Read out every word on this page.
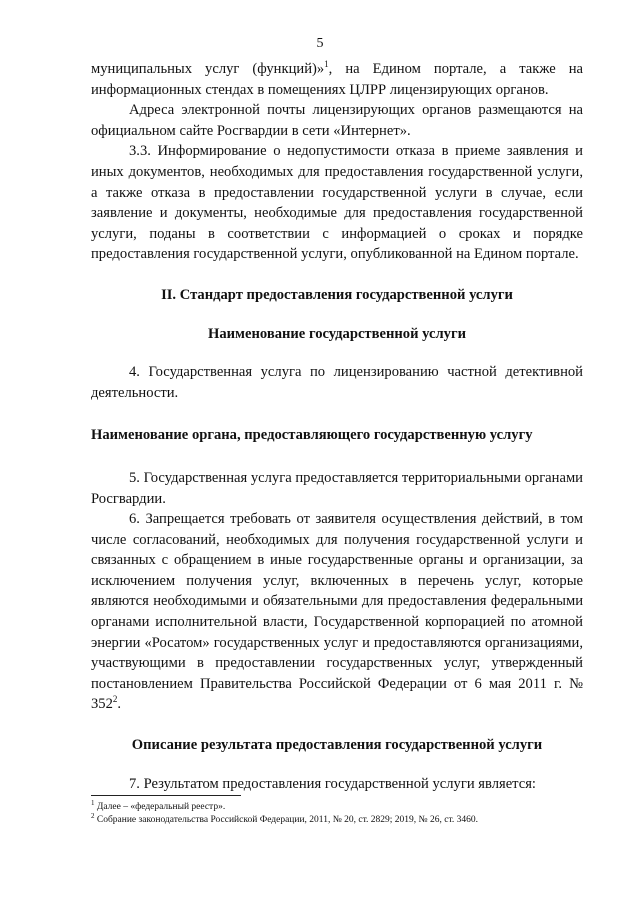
5

муниципальных услуг (функций)»$^1$, на Едином портале, а также на информационных стендах в помещениях ЦЛРР лицензирующих органов.

Адреса электронной почты лицензирующих органов размещаются на официальном сайте Росгвардии в сети «Интернет».

3.3. Информирование о недопустимости отказа в приеме заявления и иных документов, необходимых для предоставления государственной услуги, а также отказа в предоставлении государственной услуги в случае, если заявление и документы, необходимые для предоставления государственной услуги, поданы в соответствии с информацией о сроках и порядке предоставления государственной услуги, опубликованной на Едином портале.

II. Стандарт предоставления государственной услуги
Наименование государственной услуги

4. Государственная услуга по лицензированию частной детективной деятельности.

Наименование органа, предоставляющего государственную услугу

5. Государственная услуга предоставляется территориальными органами Росгвардии.

6. Запрещается требовать от заявителя осуществления действий, в том числе согласований, необходимых для получения государственной услуги и связанных с обращением в иные государственные органы и организации, за исключением получения услуг, включенных в перечень услуг, которые являются необходимыми и обязательными для предоставления федеральными органами исполнительной власти, Государственной корпорацией по атомной энергии «Росатом» государственных услуг и предоставляются организациями, участвующими в предоставлении государственных услуг, утвержденный постановлением Правительства Российской Федерации от 6 мая 2011 г. № $352^2$.

Описание результата предоставления государственной услуги

7. Результатом предоставления государственной услуги является:

$^1$ Далее – «федеральный реестр».
$^2$ Собрание законодательства Российской Федерации, 2011, № 20, ст. 2829; 2019, № 26, ст. 3460.
